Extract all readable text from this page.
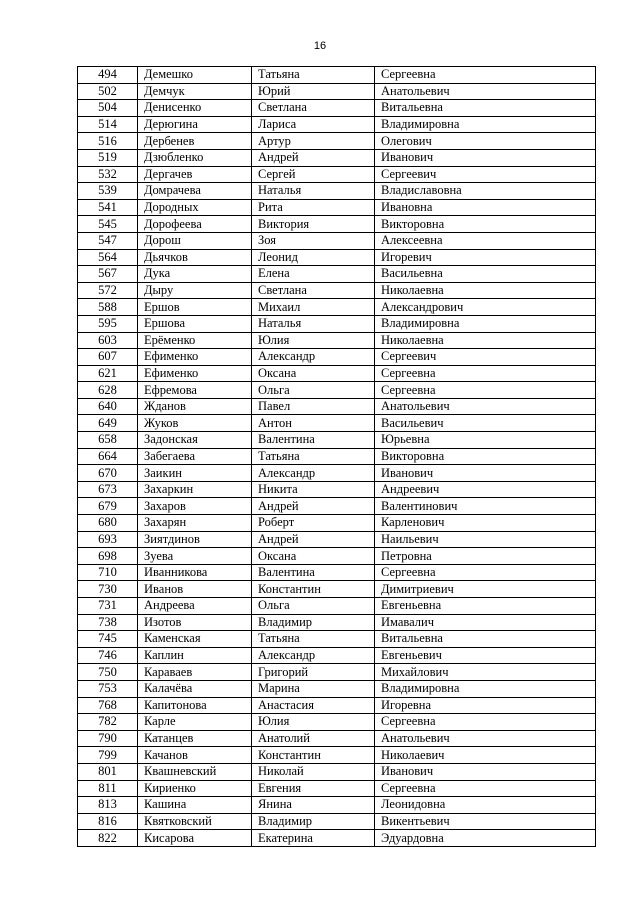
16
494	Демешко	Татьяна	Сергеевна
502	Демчук	Юрий	Анатольевич
504	Денисенко	Светлана	Витальевна
514	Дерюгина	Лариса	Владимировна
516	Дербенев	Артур	Олегович
519	Дзюбленко	Андрей	Иванович
532	Дергачев	Сергей	Сергеевич
539	Домрачева	Наталья	Владиславовна
541	Дородных	Рита	Ивановна
545	Дорофеева	Виктория	Викторовна
547	Дорош	Зоя	Алексеевна
564	Дьячков	Леонид	Игоревич
567	Дука	Елена	Васильевна
572	Дыру	Светлана	Николаевна
588	Ершов	Михаил	Александрович
595	Ершова	Наталья	Владимировна
603	Ерёменко	Юлия	Николаевна
607	Ефименко	Александр	Сергеевич
621	Ефименко	Оксана	Сергеевна
628	Ефремова	Ольга	Сергеевна
640	Жданов	Павел	Анатольевич
649	Жуков	Антон	Васильевич
658	Задонская	Валентина	Юрьевна
664	Забегаева	Татьяна	Викторовна
670	Заикин	Александр	Иванович
673	Захаркин	Никита	Андреевич
679	Захаров	Андрей	Валентинович
680	Захарян	Роберт	Карленович
693	Зиятдинов	Андрей	Наильевич
698	Зуева	Оксана	Петровна
710	Иванникова	Валентина	Сергеевна
730	Иванов	Константин	Димитриевич
731	Андреева	Ольга	Евгеньевна
738	Изотов	Владимир	Имавалич
745	Каменская	Татьяна	Витальевна
746	Каплин	Александр	Евгеньевич
750	Караваев	Григорий	Михайлович
753	Калачёва	Марина	Владимировна
768	Капитонова	Анастасия	Игоревна
782	Карле	Юлия	Сергеевна
790	Катанцев	Анатолий	Анатольевич
799	Качанов	Константин	Николаевич
801	Квашневский	Николай	Иванович
811	Кириенко	Евгения	Сергеевна
813	Кашина	Янина	Леонидовна
816	Квятковский	Владимир	Викентьевич
822	Кисарова	Екатерина	Эдуардовна
